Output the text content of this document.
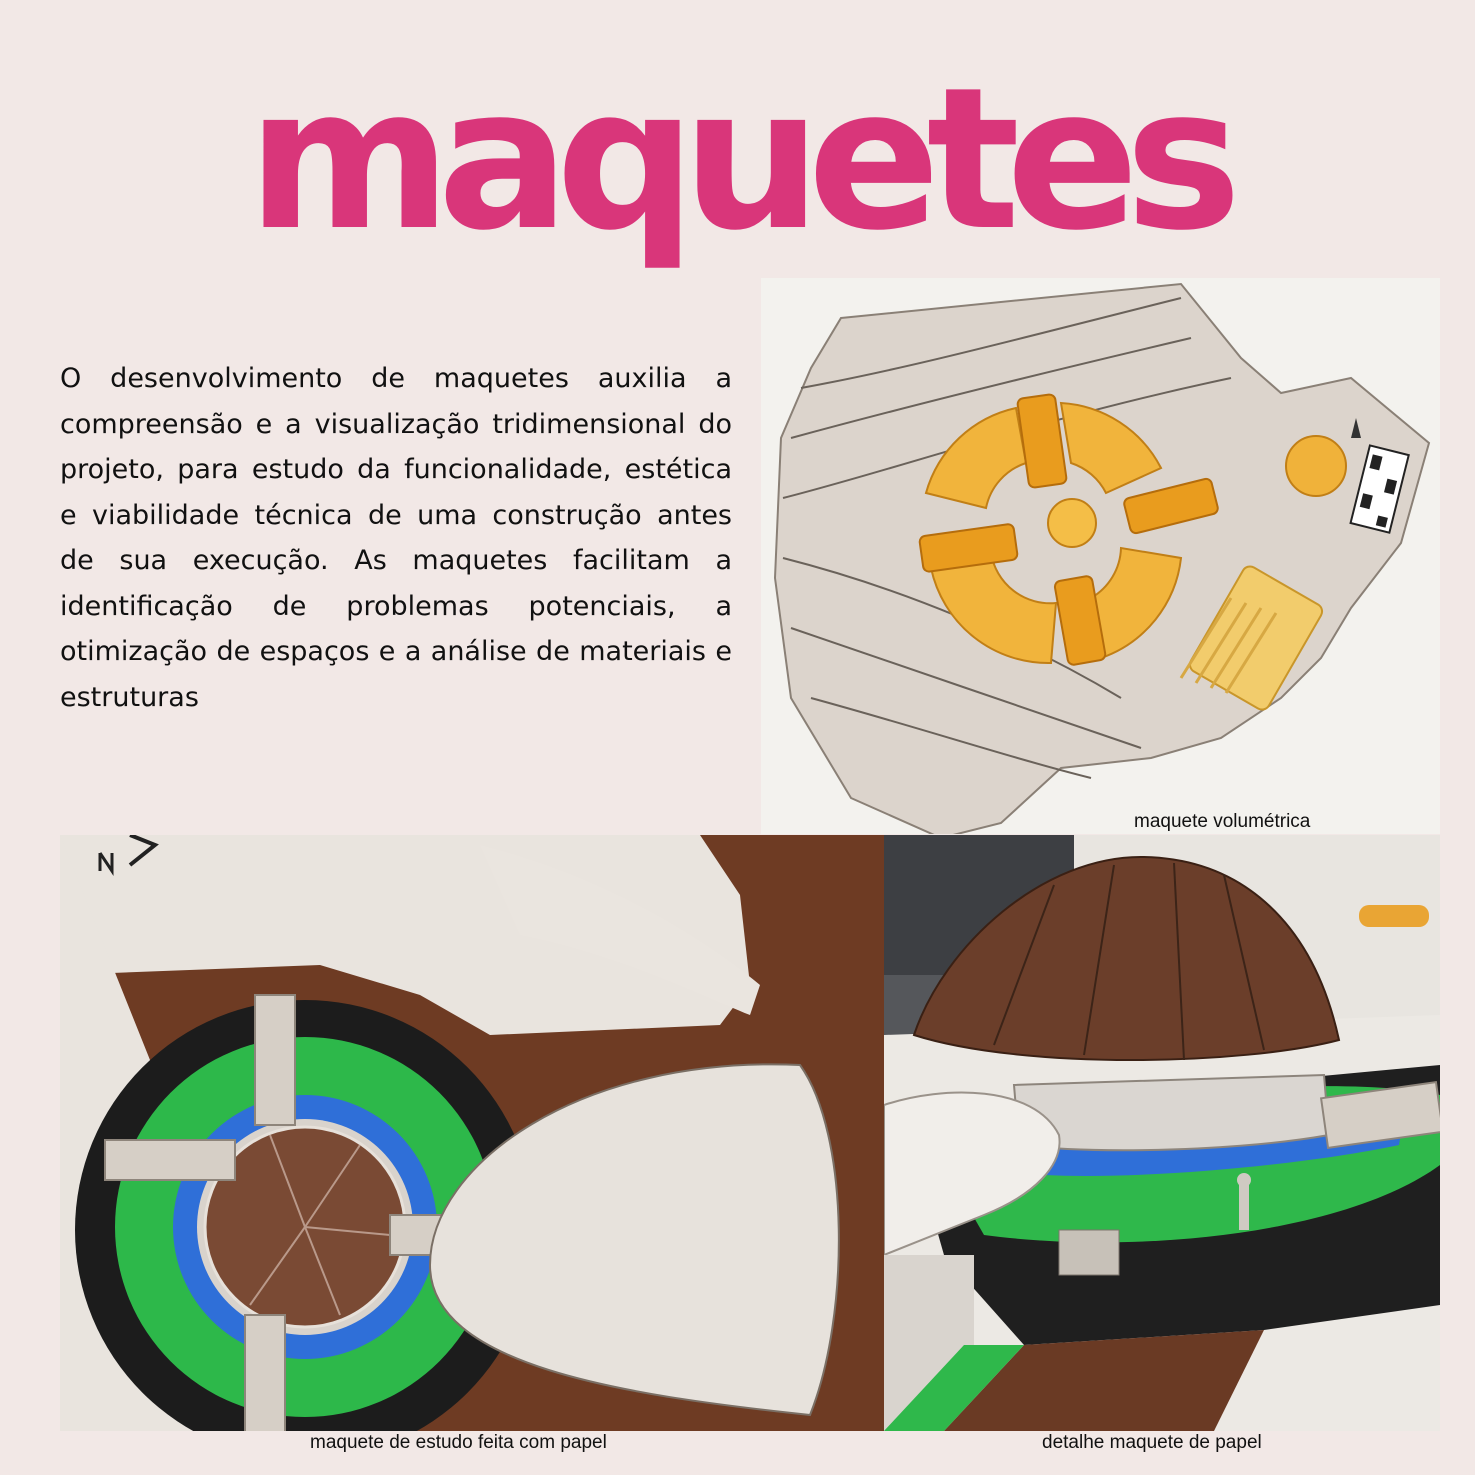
maquetes

O desenvolvimento de maquetes auxilia a compreensão e a visualização tridimensional do projeto, para estudo da funcionalidade, estética e viabilidade técnica de uma construção antes de sua execução. As maquetes facilitam a identificação de problemas potenciais, a otimização de espaços e a análise de materiais e estruturas

maquete volumétrica
maquete de estudo feita com papel	detalhe maquete de papel
